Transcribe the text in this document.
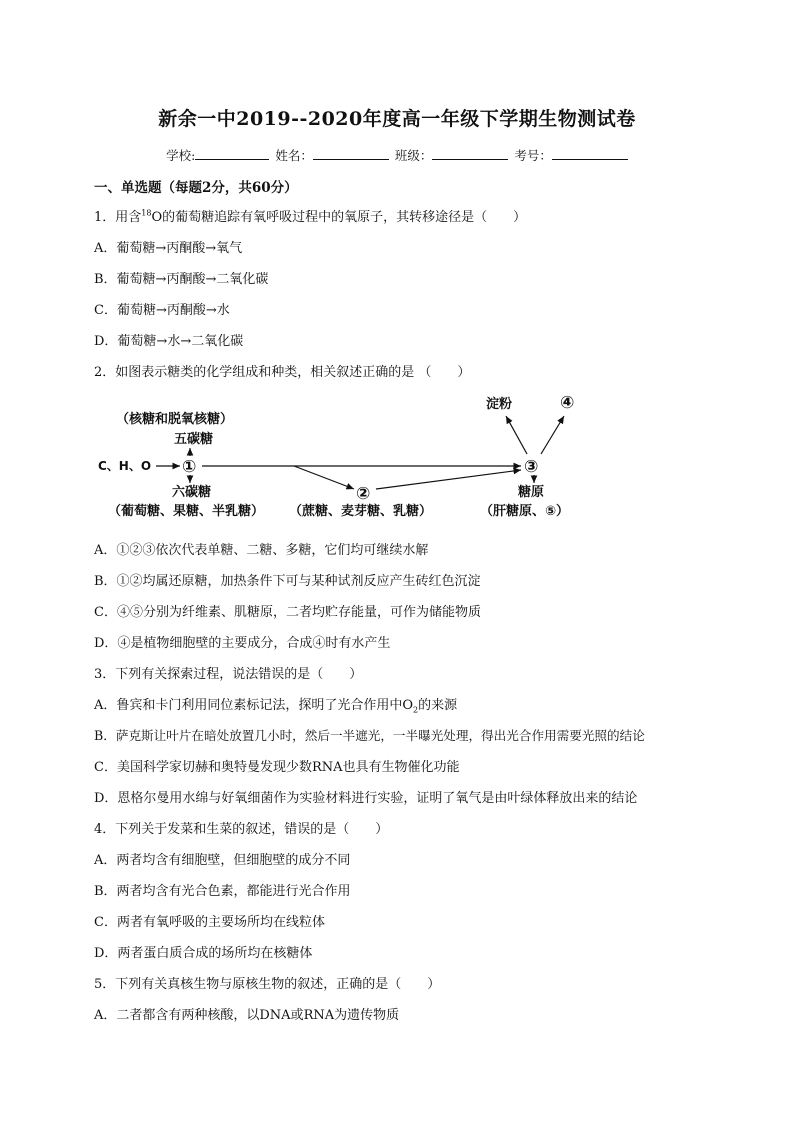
新余一中2019--2020年度高一年级下学期生物测试卷
学校:	姓名：	班级：	考号：
一、单选题（每题2分，共60分）
1．用含$^{18}$O的葡萄糖追踪有氧呼吸过程中的氧原子，其转移途径是（　　）
A．葡萄糖→丙酮酸→氧气
B．葡萄糖→丙酮酸→二氧化碳
C．葡萄糖→丙酮酸→水
D．葡萄糖→水→二氧化碳
2．如图表示糖类的化学组成和种类，相关叙述正确的是 （　　）
（核糖和脱氧核糖）
五碳糖
C、H、O ①
六碳糖
（葡萄糖、果糖、半乳糖）
②
（蔗糖、麦芽糖、乳糖）
③
淀粉	④
糖原
（肝糖原、⑤）
A．①②③依次代表单糖、二糖、多糖，它们均可继续水解
B．①②均属还原糖，加热条件下可与某种试剂反应产生砖红色沉淀
C．④⑤分别为纤维素、肌糖原，二者均贮存能量，可作为储能物质
D．④是植物细胞壁的主要成分，合成④时有水产生
3．下列有关探索过程，说法错误的是（　　）
A．鲁宾和卡门利用同位素标记法，探明了光合作用中$O_2$的来源
B．萨克斯让叶片在暗处放置几小时，然后一半遮光，一半曝光处理，得出光合作用需要光照的结论
C．美国科学家切赫和奥特曼发现少数RNA也具有生物催化功能
D．恩格尔曼用水绵与好氧细菌作为实验材料进行实验，证明了氧气是由叶绿体释放出来的结论
4．下列关于发菜和生菜的叙述，错误的是（　　）
A．两者均含有细胞壁，但细胞壁的成分不同
B．两者均含有光合色素，都能进行光合作用
C．两者有氧呼吸的主要场所均在线粒体
D．两者蛋白质合成的场所均在核糖体
5．下列有关真核生物与原核生物的叙述，正确的是（　　）
A．二者都含有两种核酸，以DNA或RNA为遗传物质
